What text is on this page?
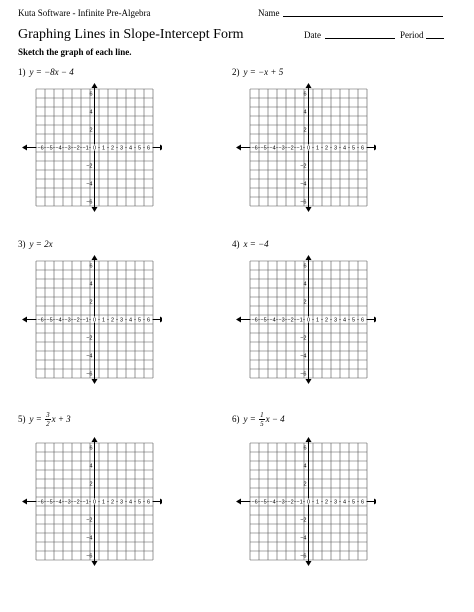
Kuta Software - Infinite Pre-Algebra	Name
Graphing Lines in Slope-Intercept Form	Date	Period
Sketch the graph of each line.
1) y = −8x − 4	2) y = −x + 5
3) y = 2x	4) x = −4
5) $y = \frac{3}{2}$ x + 3	6) $y = \frac{1}{5}$ x − 4
−6 −5 −4 −3 −2 −1 0 1 2 3 4 5 6
6
4
2
−2
−4
−6
−6 −5 −4 −3 −2 −1 0 1 2 3 4 5 6
6
4
2
−2
−4
−6
−6 −5 −4 −3 −2 −1 0 1 2 3 4 5 6
6
4
2
−2
−4
−6
−6 −5 −4 −3 −2 −1 0 1 2 3 4 5 6
6
4
2
−2
−4
−6
−6 −5 −4 −3 −2 −1 0 1 2 3 4 5 6
6
4
2
−2
−4
−6
−6 −5 −4 −3 −2 −1 0 1 2 3 4 5 6
6
4
2
−2
−4
−6
